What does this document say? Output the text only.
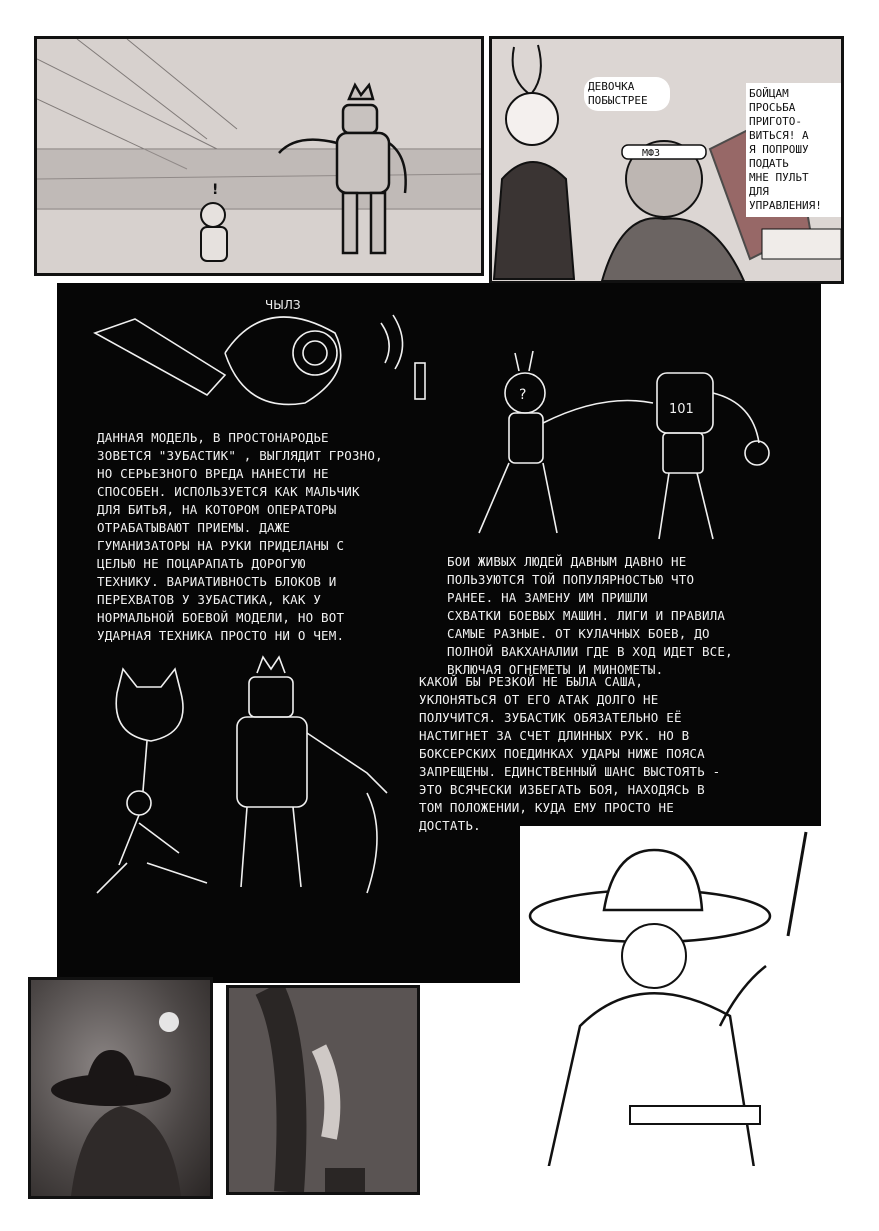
!
МФЗ
ДЕВОЧКА
ПОБЫСТРЕЕ
БОЙЦАМ
ПРОСЬБА
ПРИГОТО-
ВИТЬСЯ! А
Я ПОПРОШУ
ПОДАТЬ
МНЕ ПУЛЬТ
ДЛЯ
УПРАВЛЕНИЯ!
ЧЫЛЗ
?
101

ДАННАЯ МОДЕЛЬ, В ПРОСТОНАРОДЬЕ
ЗОВЕТСЯ "ЗУБАСТИК" , ВЫГЛЯДИТ ГРОЗНО,
НО СЕРЬЕЗНОГО ВРЕДА НАНЕСТИ НЕ
СПОСОБЕН. ИСПОЛЬЗУЕТСЯ КАК МАЛЬЧИК
ДЛЯ БИТЬЯ, НА КОТОРОМ ОПЕРАТОРЫ
ОТРАБАТЫВАЮТ ПРИЕМЫ. ДАЖЕ
ГУМАНИЗАТОРЫ НА РУКИ ПРИДЕЛАНЫ С
ЦЕЛЬЮ НЕ ПОЦАРАПАТЬ ДОРОГУЮ
ТЕХНИКУ. ВАРИАТИВНОСТЬ БЛОКОВ И
ПЕРЕХВАТОВ У ЗУБАСТИКА, КАК У
НОРМАЛЬНОЙ БОЕВОЙ МОДЕЛИ, НО ВОТ
УДАРНАЯ ТЕХНИКА ПРОСТО НИ О ЧЕМ.

БОИ ЖИВЫХ ЛЮДЕЙ ДАВНЫМ ДАВНО НЕ
ПОЛЬЗУЮТСЯ ТОЙ ПОПУЛЯРНОСТЬЮ ЧТО
РАНЕЕ. НА ЗАМЕНУ ИМ ПРИШЛИ
СХВАТКИ БОЕВЫХ МАШИН. ЛИГИ И ПРАВИЛА
САМЫЕ РАЗНЫЕ. ОТ КУЛАЧНЫХ БОЕВ, ДО
ПОЛНОЙ ВАКХАНАЛИИ ГДЕ В ХОД ИДЕТ ВСЕ,
ВКЛЮЧАЯ ОГНЕМЕТЫ И МИНОМЕТЫ.

КАКОЙ БЫ РЕЗКОЙ НЕ БЫЛА САША,
УКЛОНЯТЬСЯ ОТ ЕГО АТАК ДОЛГО НЕ
ПОЛУЧИТСЯ. ЗУБАСТИК ОБЯЗАТЕЛЬНО ЕЁ
НАСТИГНЕТ ЗА СЧЕТ ДЛИННЫХ РУК. НО В
БОКСЕРСКИХ ПОЕДИНКАХ УДАРЫ НИЖЕ ПОЯСА
ЗАПРЕЩЕНЫ. ЕДИНСТВЕННЫЙ ШАНС ВЫСТОЯТЬ -
ЭТО ВСЯЧЕСКИ ИЗБЕГАТЬ БОЯ, НАХОДЯСЬ В
ТОМ ПОЛОЖЕНИИ, КУДА ЕМУ ПРОСТО НЕ
ДОСТАТЬ.
